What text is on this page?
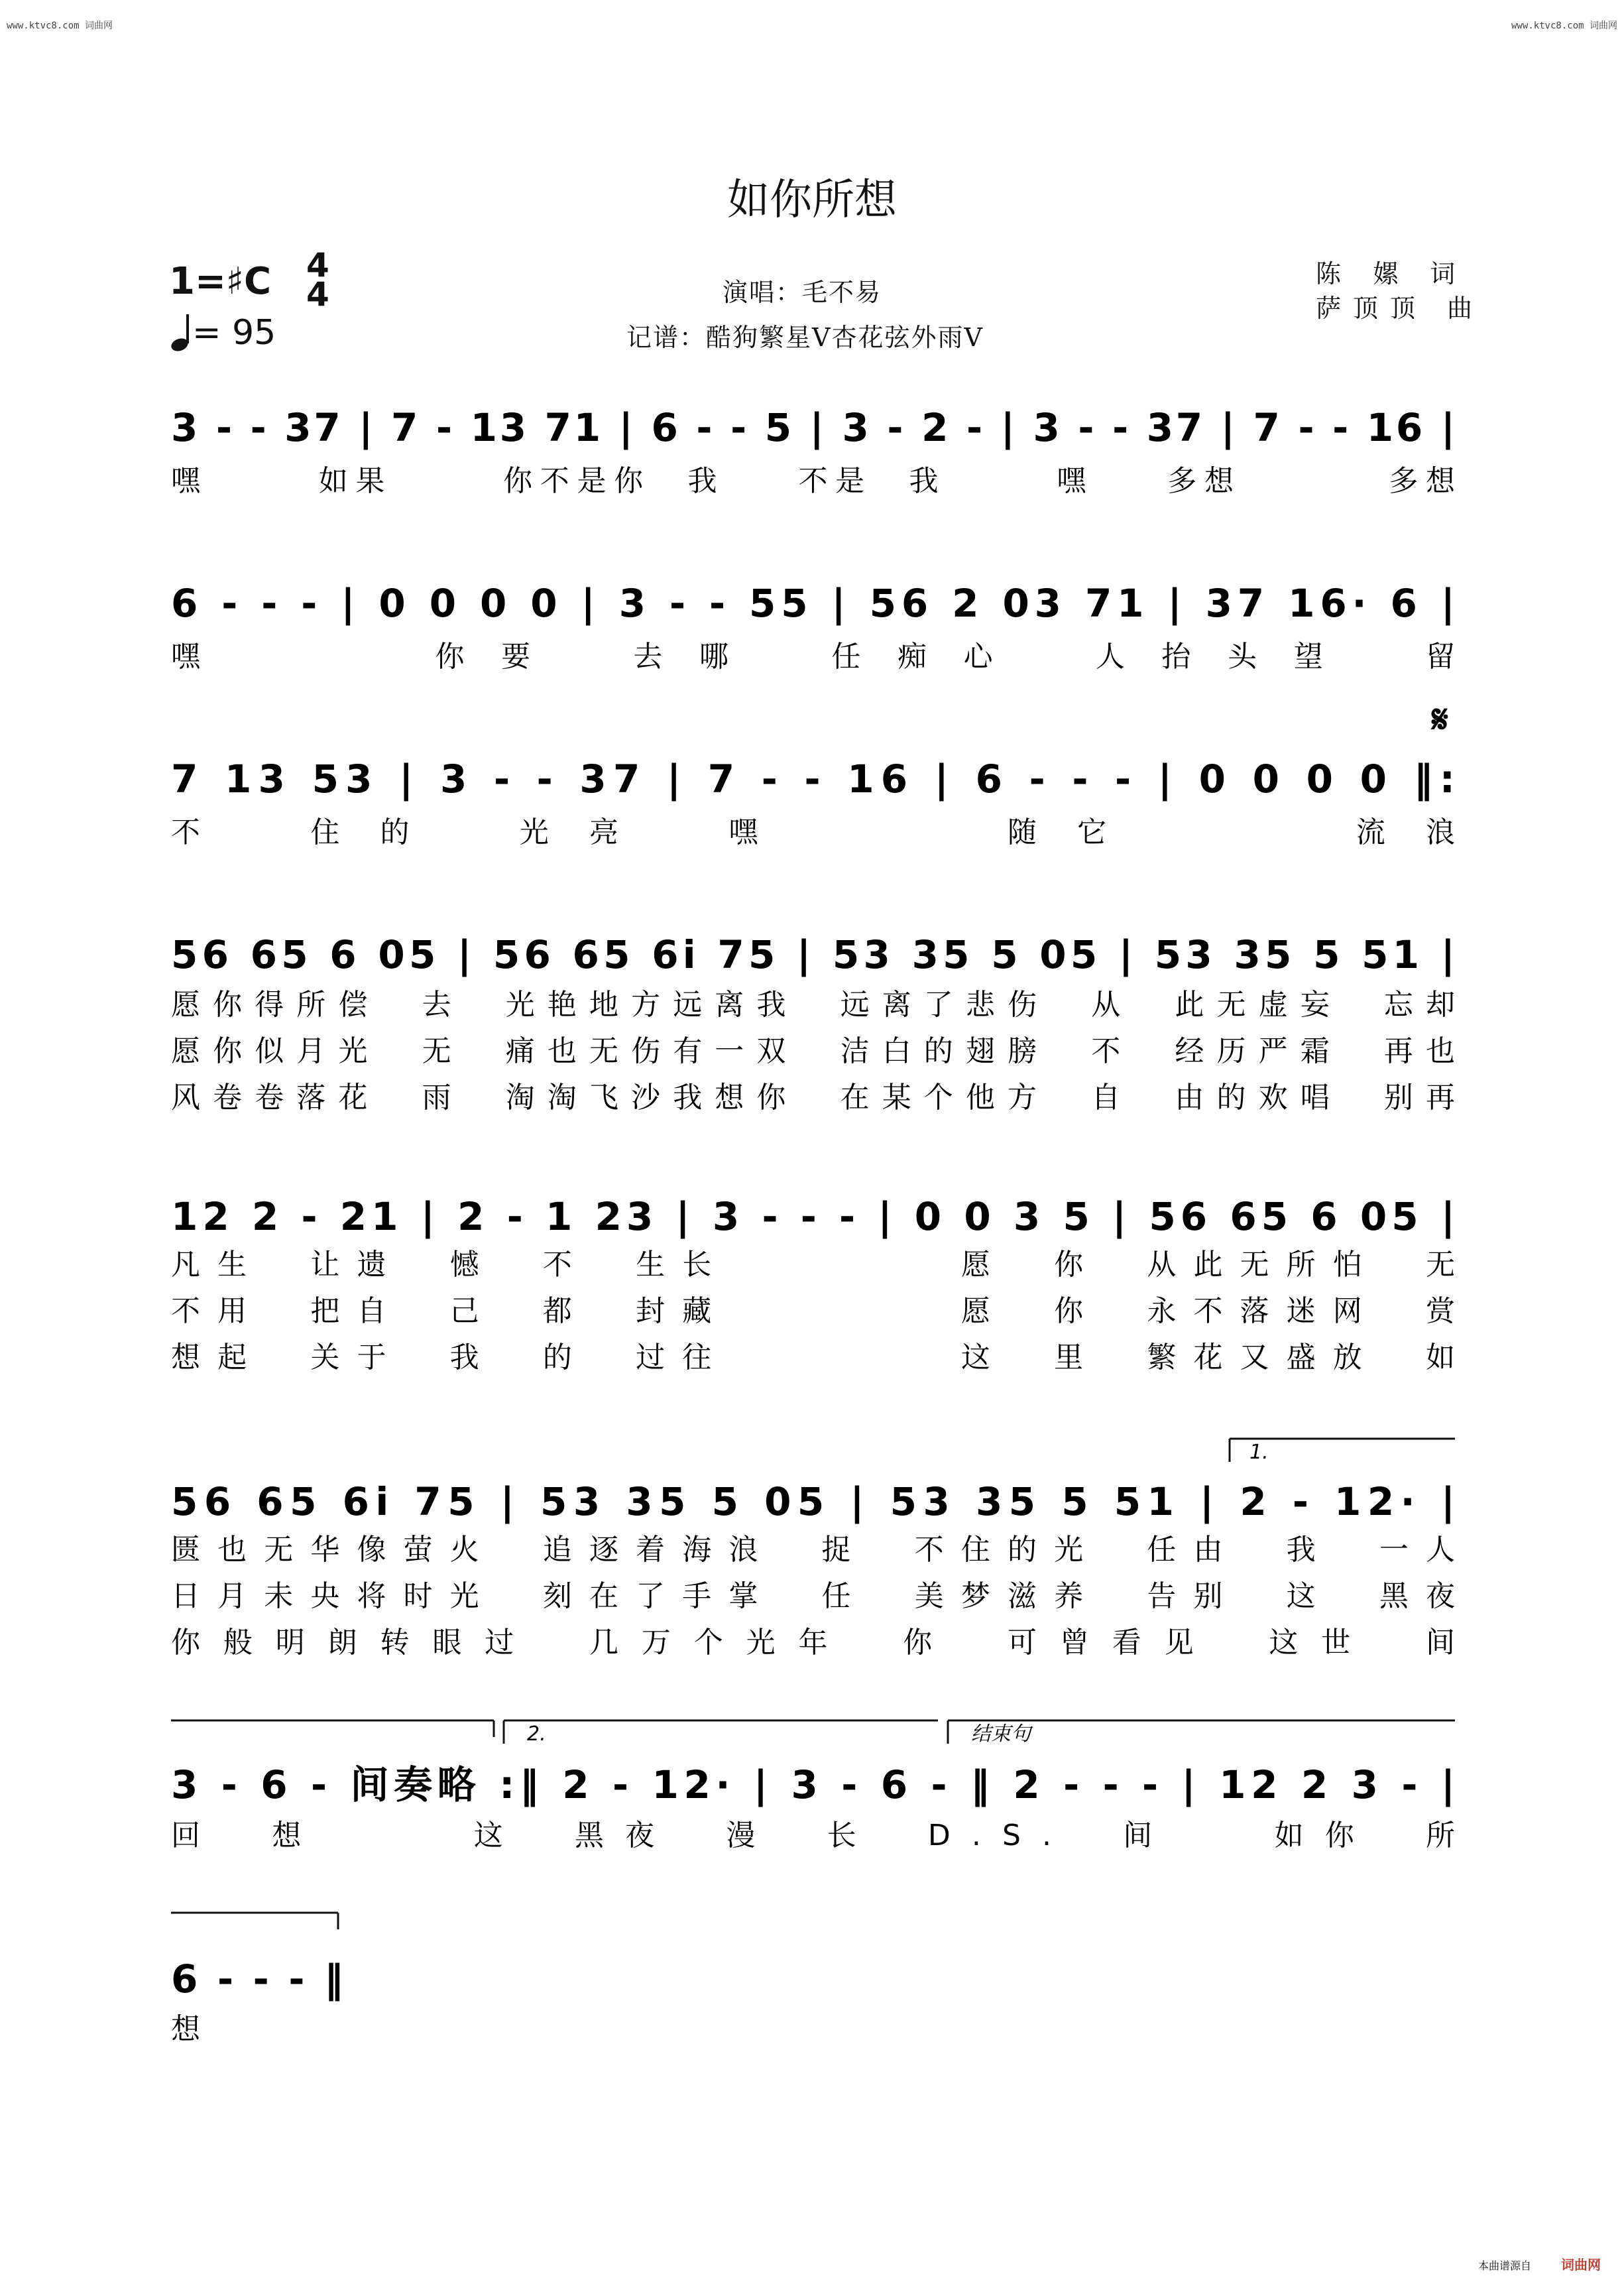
www.ktvc8.com 词曲网	www.ktvc8.com 词曲网
如你所想
演唱：毛不易
记谱：酷狗繁星V杏花弦外雨V
陈 嫘 词
萨顶顶 曲
1=♯C 4
4
= 95
3 - - 37 | 7 - 13 71 | 6 - - 5 | 3 - 2 - | 3 - - 37 | 7 - - 16 |
嘿　　　如果　　　你不是你　我　　不是　我　　　嘿　　多想　　　　多想
6 - - - | 0 0 0 0 | 3 - - 55 | 56 2 03 71 | 37 16· 6 |
嘿　　　你要　去哪　任痴心　人抬头望　留
7 13 53 | 3 - - 37 | 7 - - 16 | 6 - - - | 0 0 0 0 ‖:
不　住的　光亮　嘿　　　随它　　　流浪
56 65 6 05 | 56 65 6i 75 | 53 35 5 05 | 53 35 5 51 |
愿你得所偿　去　光艳地方远离我　远离了悲伤　从　此无虚妄　忘却
愿你似月光　无　痛也无伤有一双　洁白的翅膀　不　经历严霜　再也
风卷卷落花　雨　淘淘飞沙我想你　在某个他方　自　由的欢唱　别再
12 2 - 21 | 2 - 1 23 | 3 - - - | 0 0 3 5 | 56 65 6 05 |
凡生　让遗　憾　不　生长　　　　　愿　你　从此无所怕　无
不用　把自　己　都　封藏　　　　　愿　你　永不落迷网　赏
想起　关于　我　的　过往　　　　　这　里　繁花又盛放　如
56 65 6i 75 | 53 35 5 05 | 53 35 5 51 | 2 - 12· |
匮也无华像萤火　追逐着海浪　捉　不住的光　任由　我　一人
日月未央将时光　刻在了手掌　任　美梦滋养　告别　这　黑夜
你般明朗转眼过　几万个光年　你　可曾看见　这世　间
3 - 6 - 间奏略 :‖ 2 - 12· | 3 - 6 - ‖ 2 - - - | 12 2 3 - |
回　想　　　这　黑夜　漫　长　D.S.　间　　如你　所
6 - - - ‖
想
1.
2.	结束句
𝄋
本曲谱源自 词曲网
